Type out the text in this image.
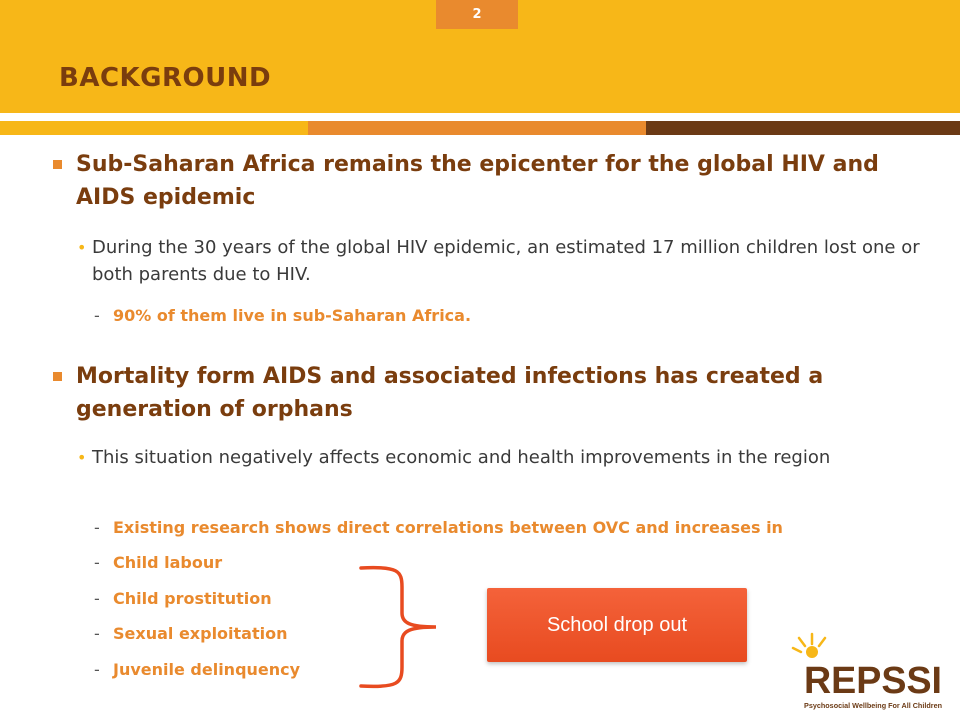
2
BACKGROUND
Sub-Saharan Africa remains the epicenter for the global HIV and AIDS epidemic
• During the 30 years of the global HIV epidemic, an estimated 17 million children lost one or both parents due to HIV.
- 90% of them live in sub-Saharan Africa.
Mortality form AIDS and associated infections has created a generation of orphans
• This situation negatively affects economic and health improvements in the region
- Existing research shows direct correlations between OVC and increases in
- Child labour
- Child prostitution
- Sexual exploitation
- Juvenile delinquency
School drop out
REPSSI
Psychosocial Wellbeing For All Children
